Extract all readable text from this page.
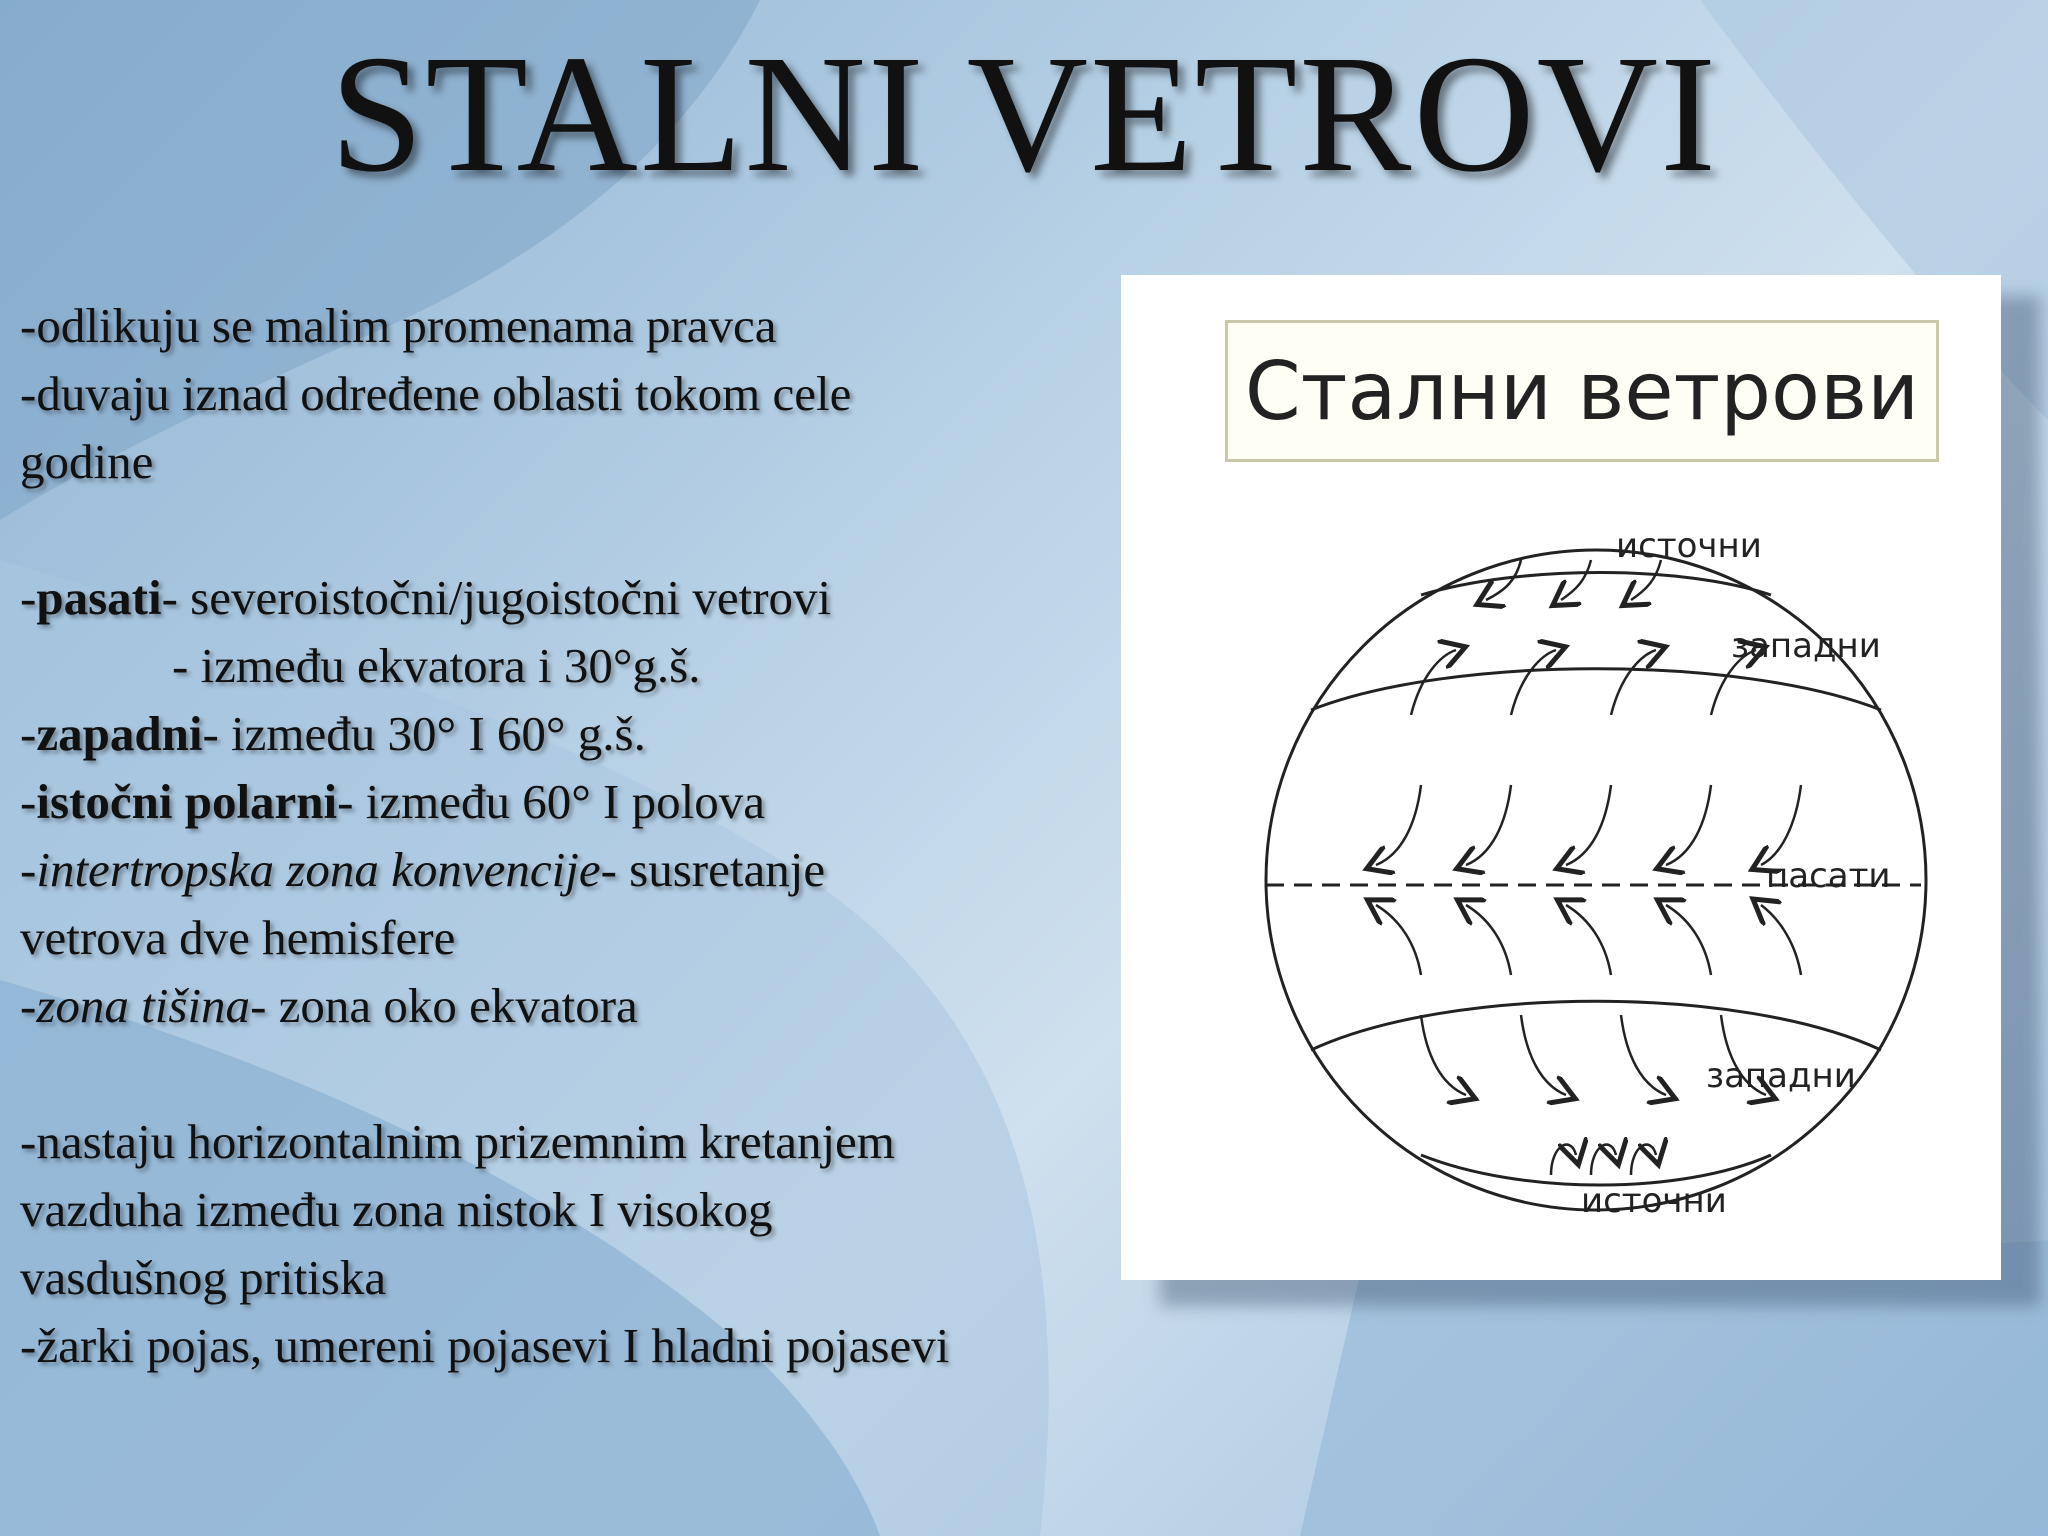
STALNI VETROVI
-odlikuju se malim promenama pravca
-duvaju iznad određene oblasti tokom cele
godine
-pasati- severoistočni/jugoistočni vetrovi
- između ekvatora i 30°g.š.
-zapadni- između 30° I 60° g.š.
-istočni polarni- između 60° I polova
-intertropska zona konvencije- susretanje
vetrova dve hemisfere
-zona tišina- zona oko ekvatora
-nastaju horizontalnim prizemnim kretanjem
vazduha između zona nistok I visokog
vasdušnog pritiska
-žarki pojas, umereni pojasevi I hladni pojasevi
Стални ветрови
источни
западни
пасати
западни
источни
